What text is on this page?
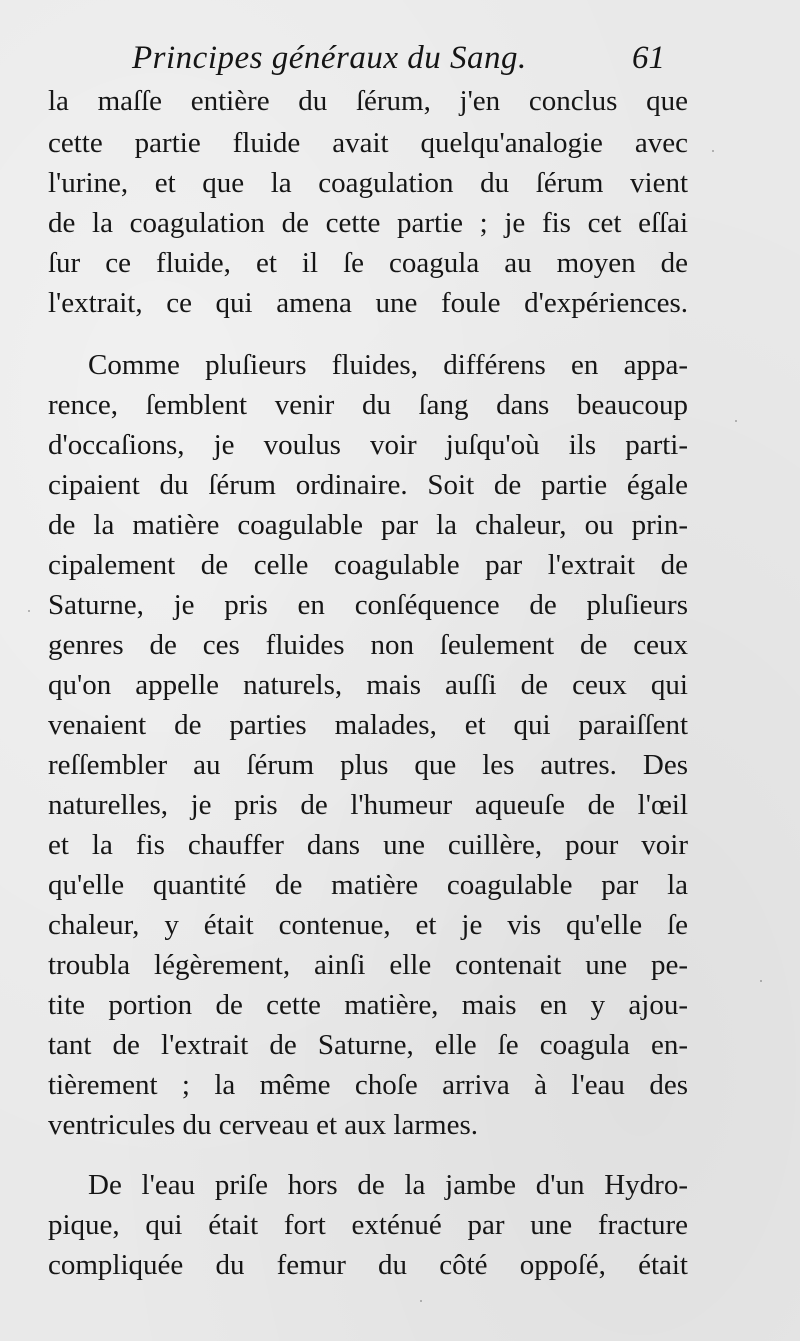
Principes généraux du Sang.	61
la maſſe entière du ſérum, j'en conclus que
cette partie fluide avait quelqu'analogie avec
l'urine, et que la coagulation du ſérum vient
de la coagulation de cette partie ; je fis cet eſſai
ſur ce fluide, et il ſe coagula au moyen de
l'extrait, ce qui amena une foule d'expériences.
Comme pluſieurs fluides, différens en appa-
rence, ſemblent venir du ſang dans beaucoup
d'occaſions, je voulus voir juſqu'où ils parti-
cipaient du ſérum ordinaire. Soit de partie égale
de la matière coagulable par la chaleur, ou prin-
cipalement de celle coagulable par l'extrait de
Saturne, je pris en conſéquence de pluſieurs
genres de ces fluides non ſeulement de ceux
qu'on appelle naturels, mais auſſi de ceux qui
venaient de parties malades, et qui paraiſſent
reſſembler au ſérum plus que les autres. Des
naturelles, je pris de l'humeur aqueuſe de l'œil
et la fis chauffer dans une cuillère, pour voir
qu'elle quantité de matière coagulable par la
chaleur, y était contenue, et je vis qu'elle ſe
troubla légèrement, ainſi elle contenait une pe-
tite portion de cette matière, mais en y ajou-
tant de l'extrait de Saturne, elle ſe coagula en-
tièrement ; la même choſe arriva à l'eau des
ventricules du cerveau et aux larmes.
De l'eau priſe hors de la jambe d'un Hydro-
pique, qui était fort exténué par une fracture
compliquée du femur du côté oppoſé, était
